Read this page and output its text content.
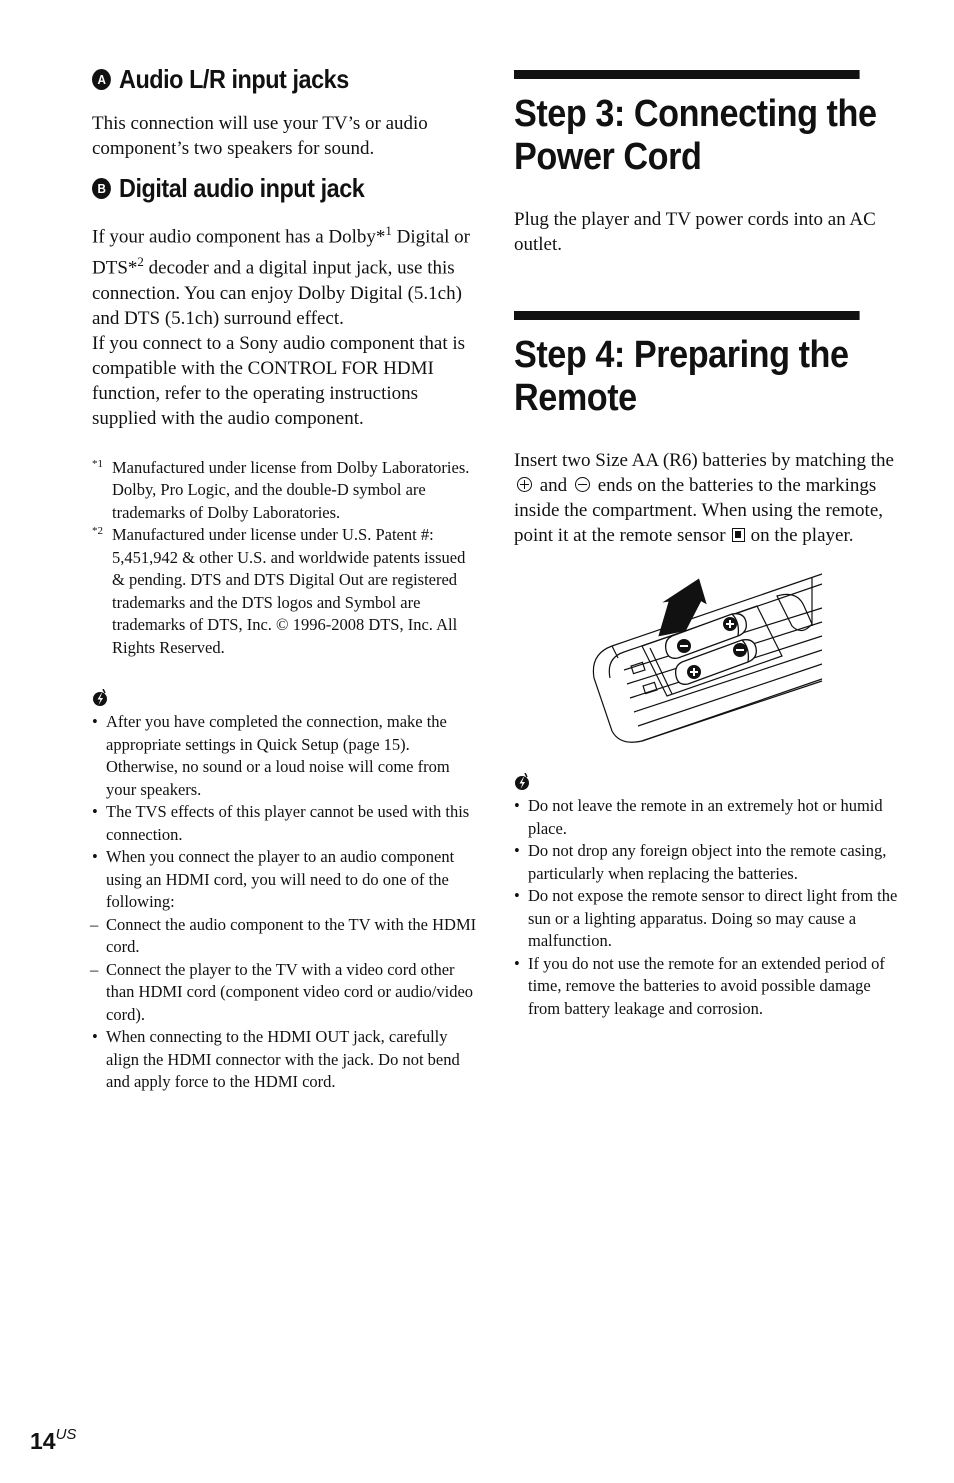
A Audio L/R input jacks

This connection will use your TV’s or audio component’s two speakers for sound.

B Digital audio input jack

If your audio component has a Dolby*$^1$ Digital or DTS*$^2$ decoder and a digital input jack, use this connection. You can enjoy Dolby Digital (5.1ch) and DTS (5.1ch) surround effect.

If you connect to a Sony audio component that is compatible with the CONTROL FOR HDMI function, refer to the operating instructions supplied with the audio component.

*1 Manufactured under license from Dolby Laboratories.

Dolby, Pro Logic, and the double-D symbol are trademarks of Dolby Laboratories.

*2 Manufactured under license under U.S. Patent #: 5,451,942 & other U.S. and worldwide patents issued & pending. DTS and DTS Digital Out are registered trademarks and the DTS logos and Symbol are trademarks of DTS, Inc. © 1996-2008 DTS, Inc. All Rights Reserved.

• After you have completed the connection, make the appropriate settings in Quick Setup (page 15). Otherwise, no sound or a loud noise will come from your speakers.
• The TVS effects of this player cannot be used with this connection.
• When you connect the player to an audio component using an HDMI cord, you will need to do one of the following:
– Connect the audio component to the TV with the HDMI cord.
– Connect the player to the TV with a video cord other than HDMI cord (component video cord or audio/video cord).
• When connecting to the HDMI OUT jack, carefully align the HDMI connector with the jack. Do not bend and apply force to the HDMI cord.
Step 3: Connecting the
Power Cord

Plug the player and TV power cords into an AC outlet.

Step 4: Preparing the
Remote

Insert two Size AA (R6) batteries by matching the  and ends on the batteries to the markings inside the compartment. When using the remote, point it at the remote sensor on the player.

• Do not leave the remote in an extremely hot or humid place.
• Do not drop any foreign object into the remote casing, particularly when replacing the batteries.
• Do not expose the remote sensor to direct light from the sun or a lighting apparatus. Doing so may cause a malfunction.
• If you do not use the remote for an extended period of time, remove the batteries to avoid possible damage from battery leakage and corrosion.
$14^{US}$
